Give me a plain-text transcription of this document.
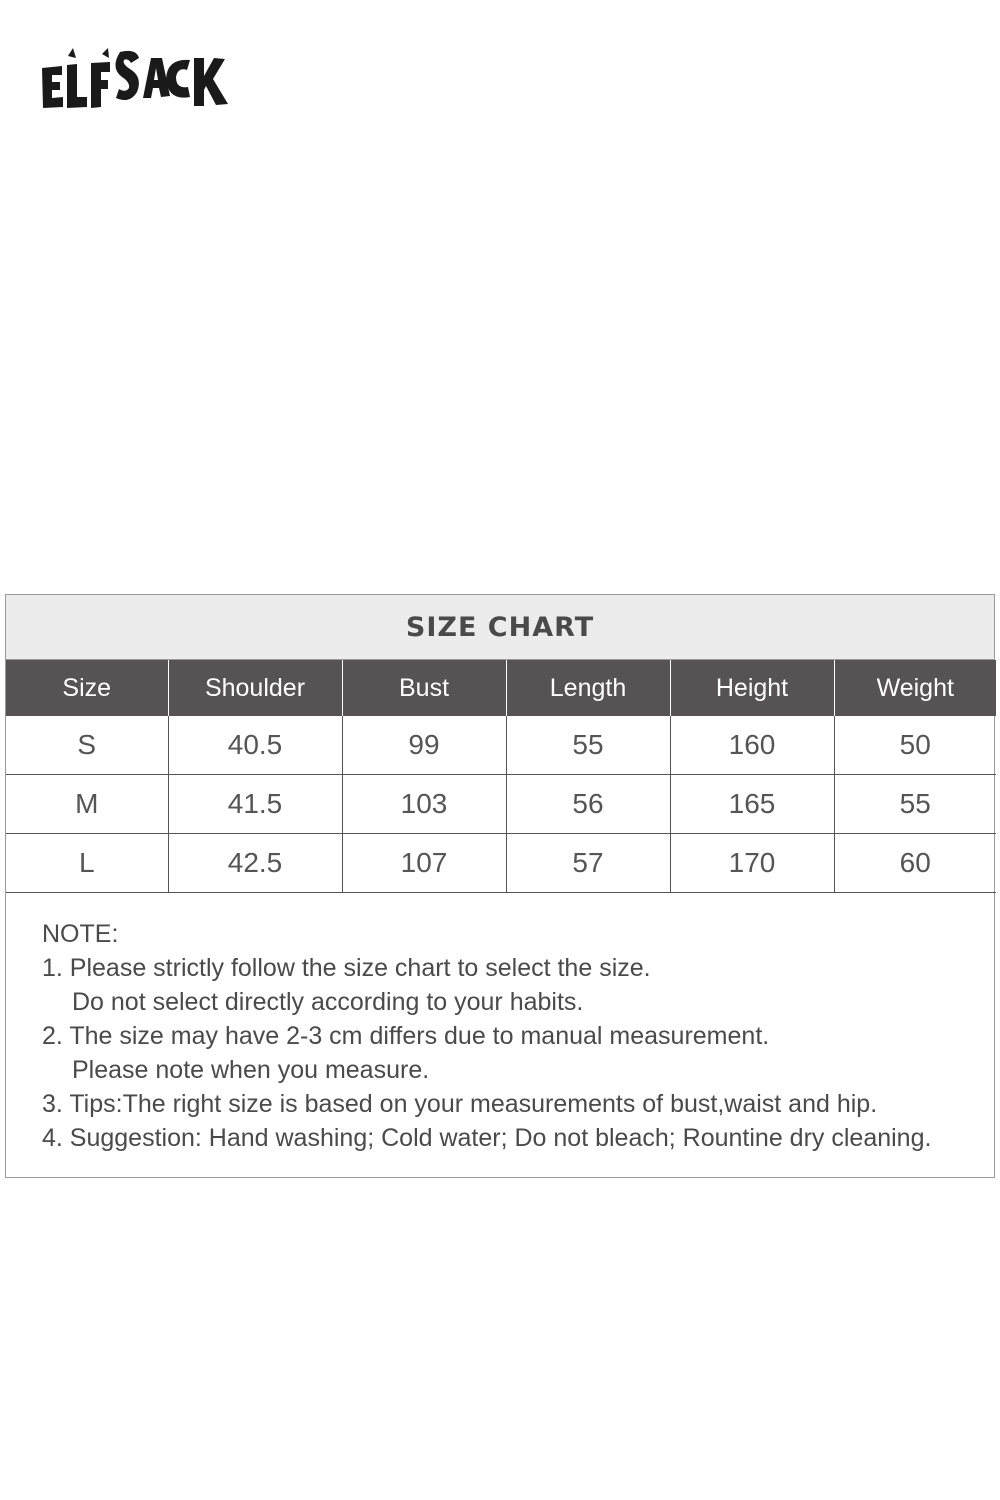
SIZE CHART
Size	Shoulder	Bust	Length	Height	Weight
S	40.5	99	55	160	50
M	41.5	103	56	165	55
L	42.5	107	57	170	60
NOTE:
1. Please strictly follow the size chart to select the size.
Do not select directly according to your habits.
2. The size may have 2-3 cm differs due to manual measurement.
Please note when you measure.
3. Tips:The right size is based on your measurements of bust,waist and hip.
4. Suggestion: Hand washing; Cold water; Do not bleach; Rountine dry cleaning.
